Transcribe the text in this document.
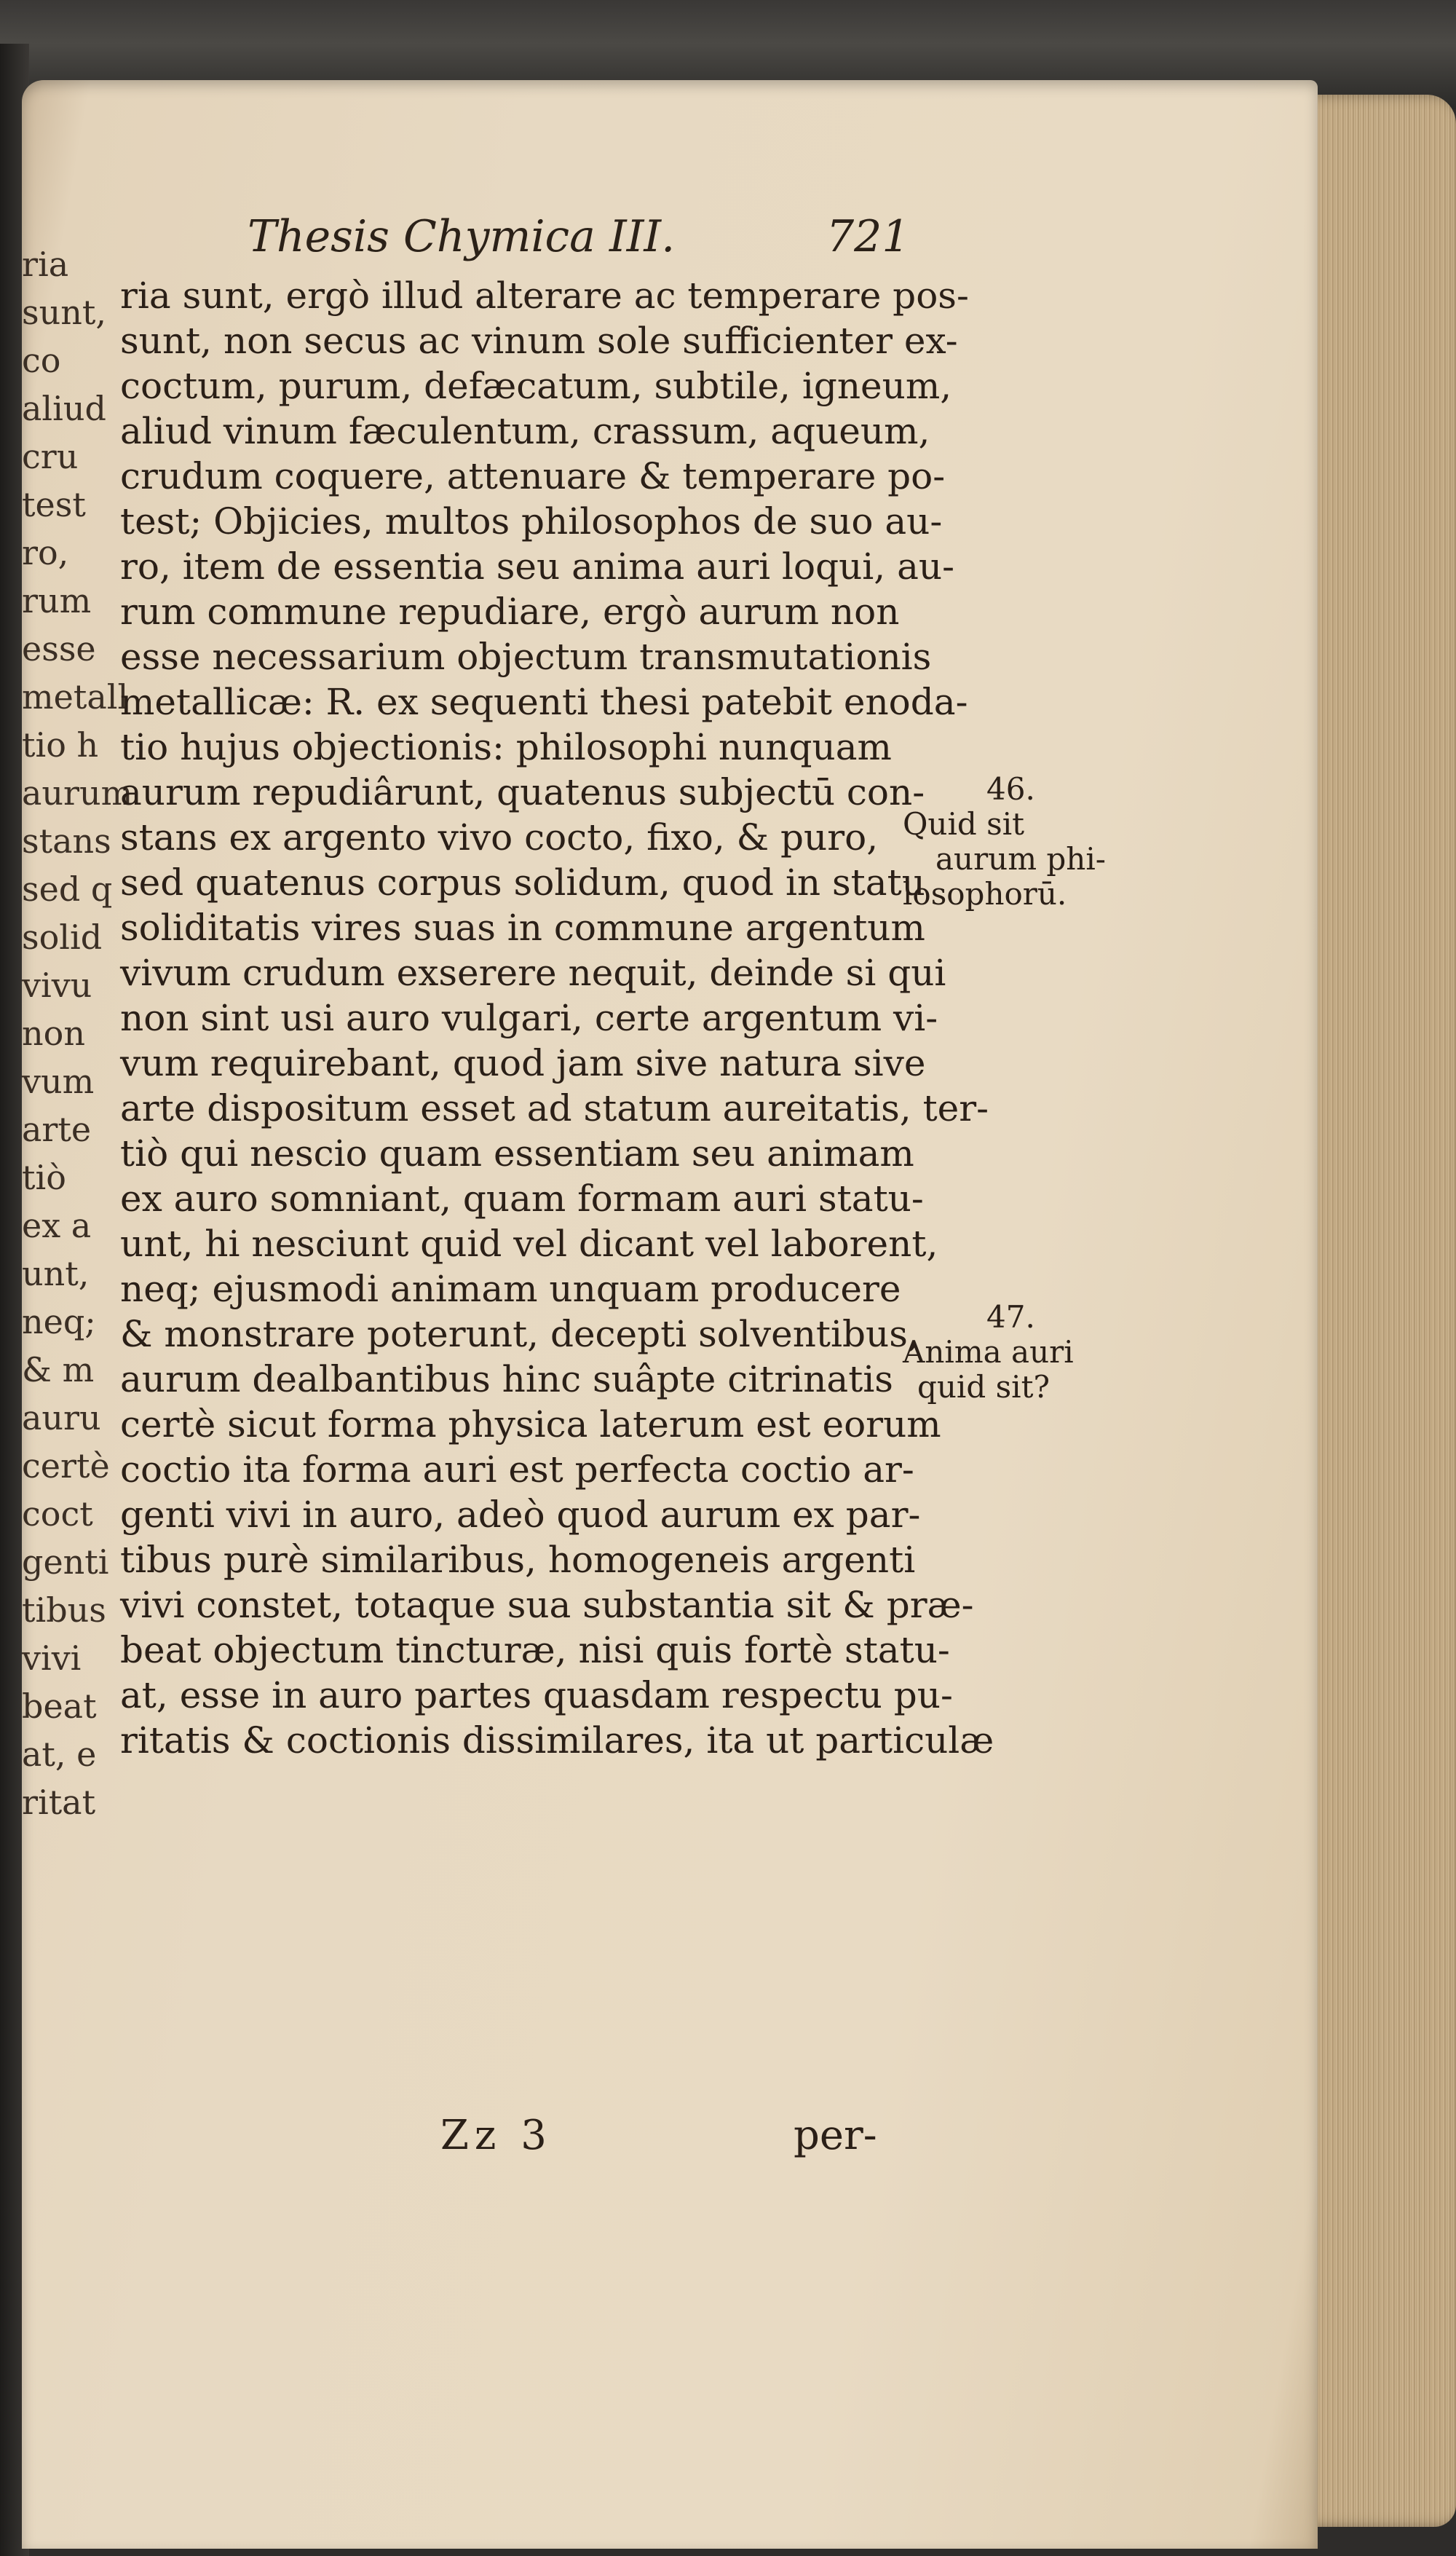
ria
sunt,
co
aliud
cru
test
ro,
rum
esse
metall
tio h
aurum
stans
sed q
solid
vivu
non
vum
arte
tiò
ex a
unt,
neq;
& m
auru
certè
coct
genti
tibus
vivi
beat
at, e
ritat
Thesis Chymica III.	721
ria sunt, ergò illud alterare ac temperare pos-
sunt, non secus ac vinum sole sufficienter ex-
coctum, purum, defæcatum, subtile, igneum,
aliud vinum fæculentum, crassum, aqueum,
crudum coquere, attenuare & temperare po-
test; Objicies, multos philosophos de suo au-
ro, item de essentia seu anima auri loqui, au-
rum commune repudiare, ergò aurum non
esse necessarium objectum transmutationis
metallicæ: R. ex sequenti thesi patebit enoda-
tio hujus objectionis: philosophi nunquam
aurum repudiârunt, quatenus subjectū con-
stans ex argento vivo cocto, fixo, & puro,
sed quatenus corpus solidum, quod in statu
soliditatis vires suas in commune argentum
vivum crudum exserere nequit, deinde si qui
non sint usi auro vulgari, certe argentum vi-
vum requirebant, quod jam sive natura sive
arte dispositum esset ad statum aureitatis, ter-
tiò qui nescio quam essentiam seu animam
ex auro somniant, quam formam auri statu-
unt, hi nesciunt quid vel dicant vel laborent,
neq; ejusmodi animam unquam producere
& monstrare poterunt, decepti solventibus,
aurum dealbantibus hinc suâpte citrinatis
certè sicut forma physica laterum est eorum
coctio ita forma auri est perfecta coctio ar-
genti vivi in auro, adeò quod aurum ex par-
tibus purè similaribus, homogeneis argenti
vivi constet, totaque sua substantia sit & præ-
beat objectum tincturæ, nisi quis fortè statu-
at, esse in auro partes quasdam respectu pu-
ritatis & coctionis dissimilares, ita ut particulæ
46.
Quid sit
aurum phi-
losophorū.
47.
Anima auri
quid sit?
Zz 3	per-
